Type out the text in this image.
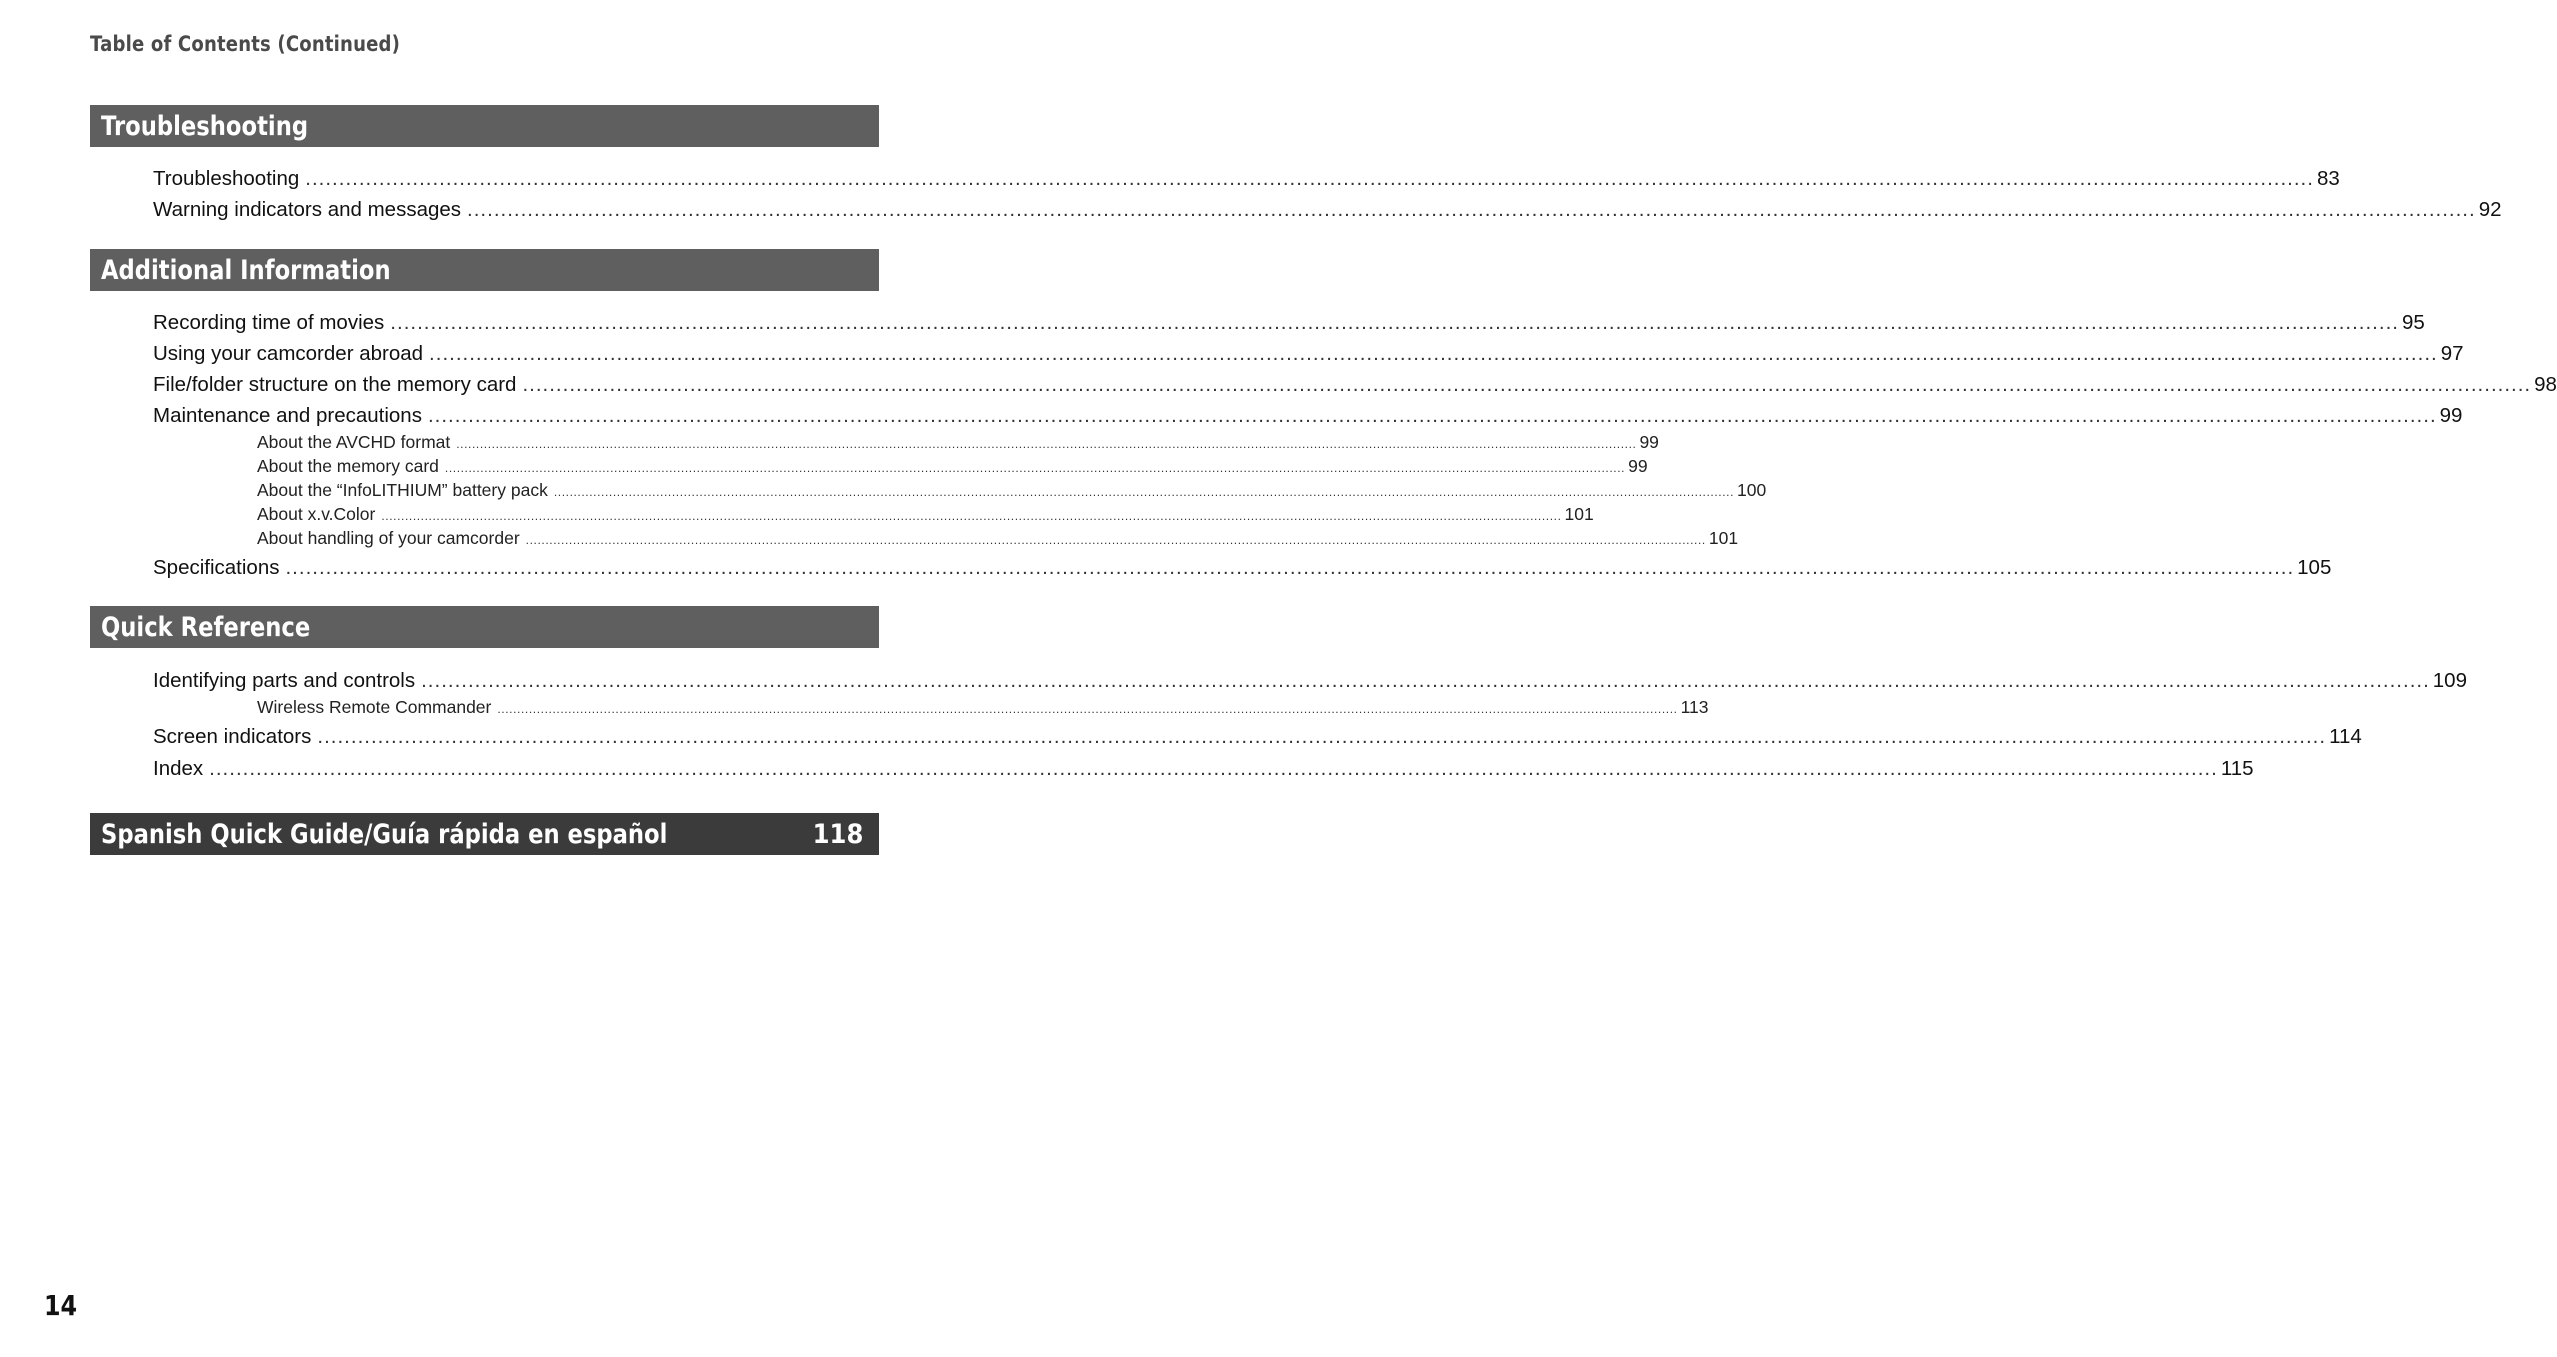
Table of Contents (Continued)
Troubleshooting
Troubleshooting ............................................................................................................................................................................................................................................................................................................ 83
Warning indicators and messages ............................................................................................................................................................................................................................................................................................................ 92
Additional Information
Recording time of movies ............................................................................................................................................................................................................................................................................................................ 95
Using your camcorder abroad ............................................................................................................................................................................................................................................................................................................ 97
File/folder structure on the memory card ............................................................................................................................................................................................................................................................................................................ 98
Maintenance and precautions ............................................................................................................................................................................................................................................................................................................ 99
About the AVCHD format ............................................................................................................................................................................................................................................................................................................ 99
About the memory card ............................................................................................................................................................................................................................................................................................................ 99
About the “InfoLITHIUM” battery pack ............................................................................................................................................................................................................................................................................................................ 100
About x.v.Color ............................................................................................................................................................................................................................................................................................................ 101
About handling of your camcorder ............................................................................................................................................................................................................................................................................................................ 101
Specifications ............................................................................................................................................................................................................................................................................................................ 105
Quick Reference
Identifying parts and controls ............................................................................................................................................................................................................................................................................................................ 109
Wireless Remote Commander ............................................................................................................................................................................................................................................................................................................ 113
Screen indicators ............................................................................................................................................................................................................................................................................................................ 114
Index ............................................................................................................................................................................................................................................................................................................ 115
Spanish Quick Guide/Guía rápida en español	118
14
